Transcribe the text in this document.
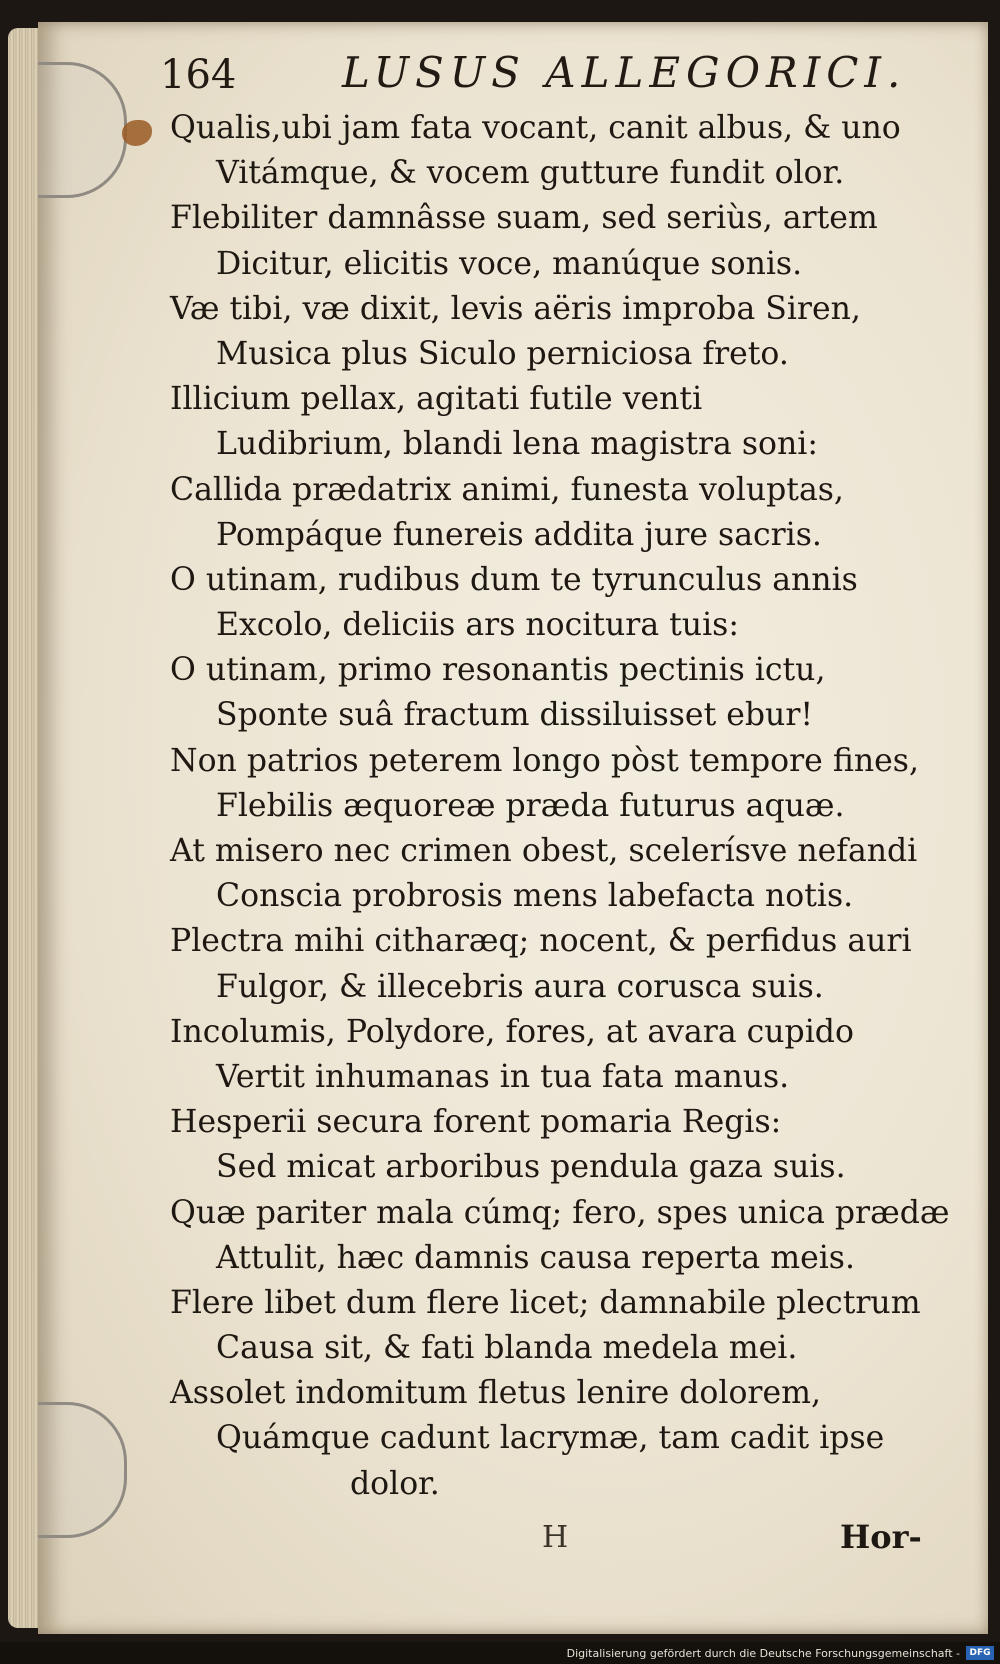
164	LUSUS ALLEGORICI.
Qualis,ubi jam fata vocant, canit albus, & uno
Vitámque, & vocem gutture fundit olor.
Flebiliter damnâsse suam, sed seriùs, artem
Dicitur, elicitis voce, manúque sonis.
Væ tibi, væ dixit, levis aëris improba Siren,
Musica plus Siculo perniciosa freto.
Illicium pellax, agitati futile venti
Ludibrium, blandi lena magistra soni:
Callida prædatrix animi, funesta voluptas,
Pompáque funereis addita jure sacris.
O utinam, rudibus dum te tyrunculus annis
Excolo, deliciis ars nocitura tuis:
O utinam, primo resonantis pectinis ictu,
Sponte suâ fractum dissiluisset ebur!
Non patrios peterem longo pòst tempore fines,
Flebilis æquoreæ præda futurus aquæ.
At misero nec crimen obest, scelerísve nefandi
Conscia probrosis mens labefacta notis.
Plectra mihi citharæq; nocent, & perfidus auri
Fulgor, & illecebris aura corusca suis.
Incolumis, Polydore, fores, at avara cupido
Vertit inhumanas in tua fata manus.
Hesperii secura forent pomaria Regis:
Sed micat arboribus pendula gaza suis.
Quæ pariter mala cúmq; fero, spes unica prædæ
Attulit, hæc damnis causa reperta meis.
Flere libet dum flere licet; damnabile plectrum
Causa sit, & fati blanda medela mei.
Assolet indomitum fletus lenire dolorem,
Quámque cadunt lacrymæ, tam cadit ipse
dolor.
H	Hor-
Digitalisierung gefördert durch die Deutsche Forschungsgemeinschaft -	DFG
